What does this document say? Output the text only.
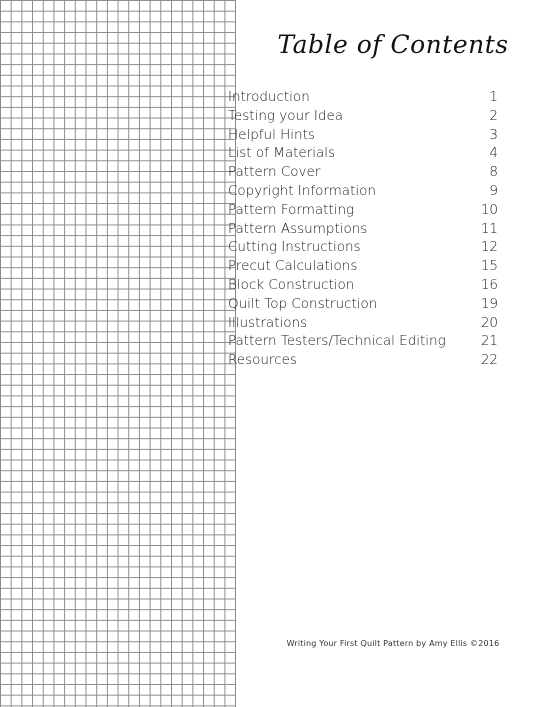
Table of Contents
Introduction	1
Testing your Idea	2
Helpful Hints	3
List of Materials	4
Pattern Cover	8
Copyright Information	9
Pattern Formatting	10
Pattern Assumptions	11
Cutting Instructions	12
Precut Calculations	15
Block Construction	16
Quilt Top Construction	19
Illustrations	20
Pattern Testers/Technical Editing	21
Resources	22

Writing Your First Quilt Pattern by Amy Ellis ©2016
